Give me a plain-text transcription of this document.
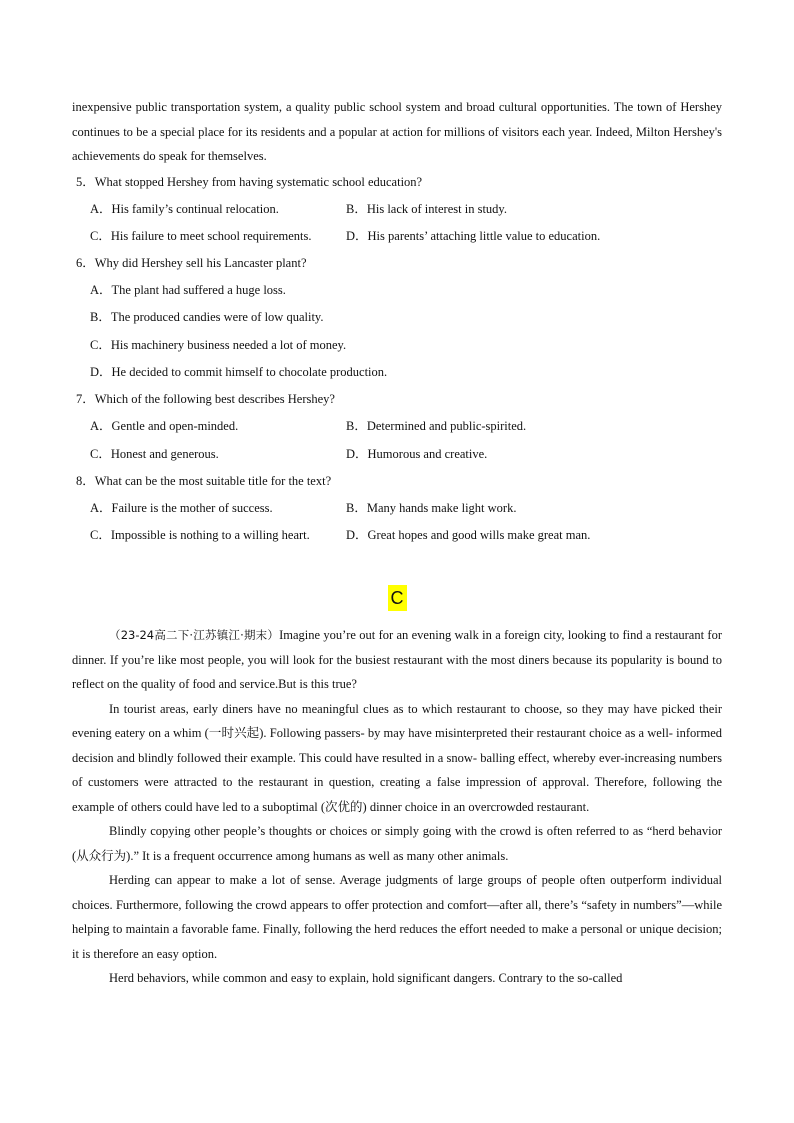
inexpensive public transportation system, a quality public school system and broad cultural opportunities. The town of Hershey continues to be a special place for its residents and a popular at action for millions of visitors each year. Indeed, Milton Hershey's achievements do speak for themselves.

5．What stopped Hershey from having systematic school education?

A．His family’s continual relocation.	B．His lack of interest in study.
C．His failure to meet school requirements.	D．His parents’ attaching little value to education.

6．Why did Hershey sell his Lancaster plant?

A．The plant had suffered a huge loss.
B．The produced candies were of low quality.
C．His machinery business needed a lot of money.
D．He decided to commit himself to chocolate production.

7．Which of the following best describes Hershey?

A．Gentle and open-minded.	B．Determined and public-spirited.
C．Honest and generous.	D．Humorous and creative.

8．What can be the most suitable title for the text?

A．Failure is the mother of success.	B．Many hands make light work.
C．Impossible is nothing to a willing heart.	D．Great hopes and good wills make great man.
C

（23-24高二下·江苏镇江·期末）Imagine you’re out for an evening walk in a foreign city, looking to find a restaurant for dinner. If you’re like most people, you will look for the busiest restaurant with the most diners because its popularity is bound to reflect on the quality of food and service.But is this true?

In tourist areas, early diners have no meaningful clues as to which restaurant to choose, so they may have picked their evening eatery on a whim (一时兴起). Following passers- by may have misinterpreted their restaurant choice as a well- informed decision and blindly followed their example. This could have resulted in a snow- balling effect, whereby ever-increasing numbers of customers were attracted to the restaurant in question, creating a false impression of approval. Therefore, following the example of others could have led to a suboptimal (次优的) dinner choice in an overcrowded restaurant.

Blindly copying other people’s thoughts or choices or simply going with the crowd is often referred to as “herd behavior (从众行为).” It is a frequent occurrence among humans as well as many other animals.

Herding can appear to make a lot of sense. Average judgments of large groups of people often outperform individual choices. Furthermore, following the crowd appears to offer protection and comfort—after all, there’s “safety in numbers”—while helping to maintain a favorable fame. Finally, following the herd reduces the effort needed to make a personal or unique decision; it is therefore an easy option.

Herd behaviors, while common and easy to explain, hold significant dangers. Contrary to the so-called
